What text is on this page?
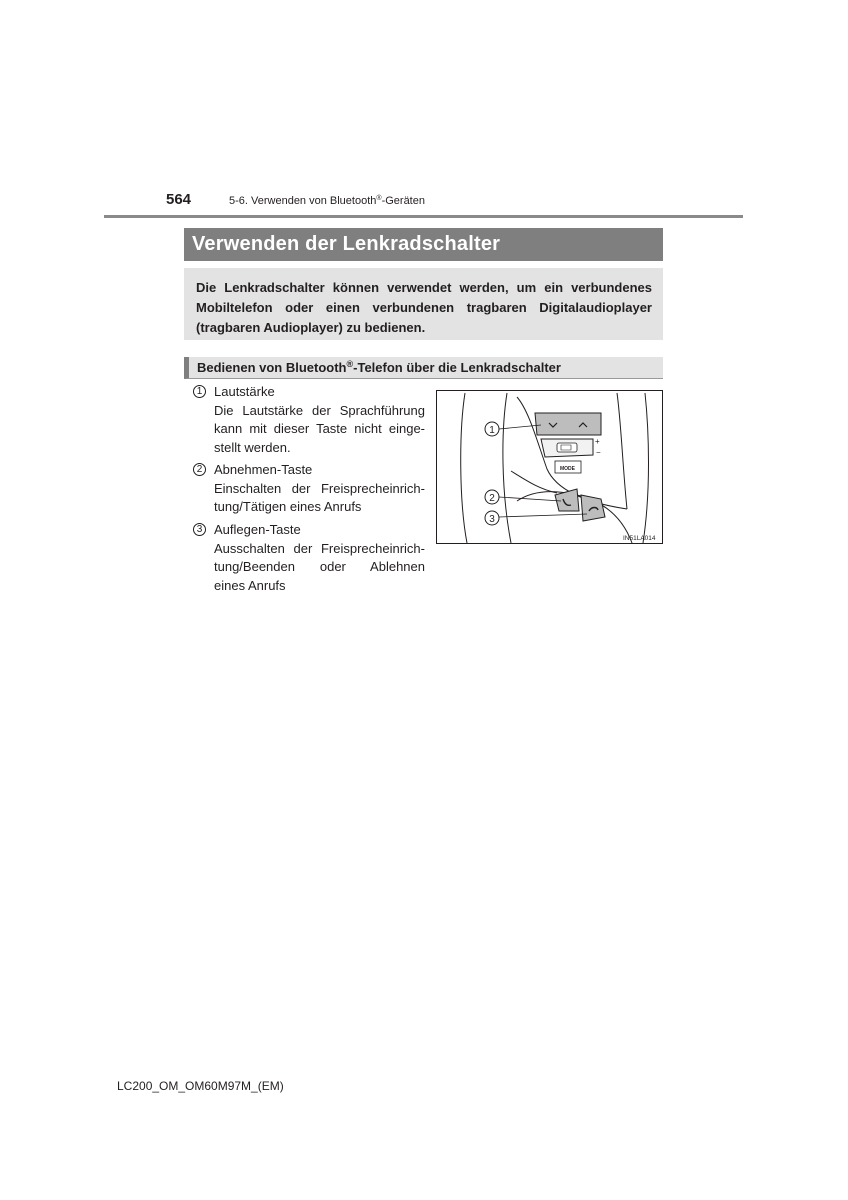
564	5-6. Verwenden von Bluetooth®-Geräten
Verwenden der Lenkradschalter
Die Lenkradschalter können verwendet werden, um ein verbundenes
Mobiltelefon oder einen verbundenen tragbaren Digitalaudioplayer
(tragbaren Audioplayer) zu bedienen.
Bedienen von Bluetooth®-Telefon über die Lenkradschalter
1 Lautstärke
Die Lautstärke der Sprachführung
kann mit dieser Taste nicht einge-
stellt werden.
2 Abnehmen-Taste
Einschalten der Freisprecheinrich-
tung/Tätigen eines Anrufs
3 Auflegen-Taste
Ausschalten der Freisprecheinrich-
tung/Beenden oder Ablehnen
eines Anrufs
+
−
MODE
1
2
3
IN51LA014
LC200_OM_OM60M97M_(EM)
